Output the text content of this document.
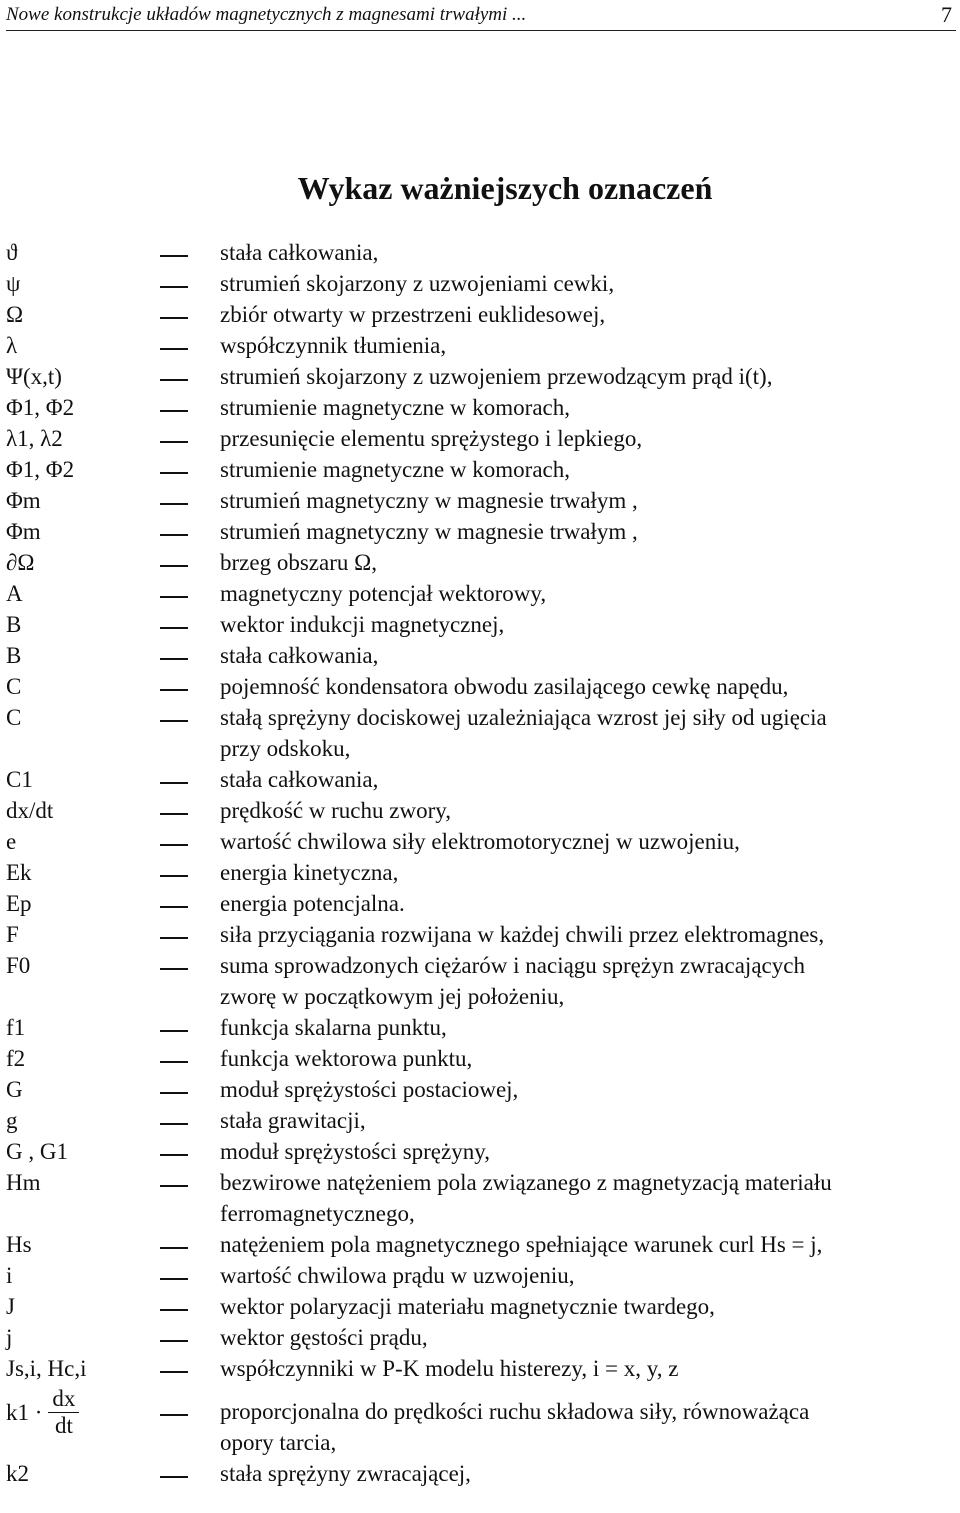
Nowe konstrukcje układów magnetycznych z magnesami trwałymi ...	7
Wykaz ważniejszych oznaczeń
ϑ	stała całkowania,
ψ	strumień skojarzony z uzwojeniami cewki,
Ω	zbiór otwarty w przestrzeni euklidesowej,
λ	współczynnik tłumienia,
Ψ(x,t)	strumień skojarzony z uzwojeniem przewodzącym prąd i(t),
Φ1, Φ2	strumienie magnetyczne w komorach,
λ1, λ2	przesunięcie elementu sprężystego i lepkiego,
Φ1, Φ2	strumienie magnetyczne w komorach,
Φm	strumień magnetyczny w magnesie trwałym ,
Φm	strumień magnetyczny w magnesie trwałym ,
∂Ω	brzeg obszaru Ω,
A	magnetyczny potencjał wektorowy,
B	wektor indukcji magnetycznej,
B	stała całkowania,
C	pojemność kondensatora obwodu zasilającego cewkę napędu,
C	stałą sprężyny dociskowej uzależniająca wzrost jej siły od ugięcia
przy odskoku,
C1	stała całkowania,
dx/dt	prędkość w ruchu zwory,
e	wartość chwilowa siły elektromotorycznej w uzwojeniu,
Ek	energia kinetyczna,
Ep	energia potencjalna.
F	siła przyciągania rozwijana w każdej chwili przez elektromagnes,
F0	suma sprowadzonych ciężarów i naciągu sprężyn zwracających
zworę w początkowym jej położeniu,
f1	funkcja skalarna punktu,
f2	funkcja wektorowa punktu,
G	moduł sprężystości postaciowej,
g	stała grawitacji,
G , G1	moduł sprężystości sprężyny,
Hm	bezwirowe natężeniem pola związanego z magnetyzacją materiału
ferromagnetycznego,
Hs	natężeniem pola magnetycznego spełniające warunek curl Hs = j,
i	wartość chwilowa prądu w uzwojeniu,
J	wektor polaryzacji materiału magnetycznie twardego,
j	wektor gęstości prądu,
Js,i, Hc,i	współczynniki w P-K modelu histerezy, i = x, y, z
$k1 \cdot \frac{dx}{dt}$	proporcjonalna do prędkości ruchu składowa siły, równoważąca
opory tarcia,
k2	stała sprężyny zwracającej,
